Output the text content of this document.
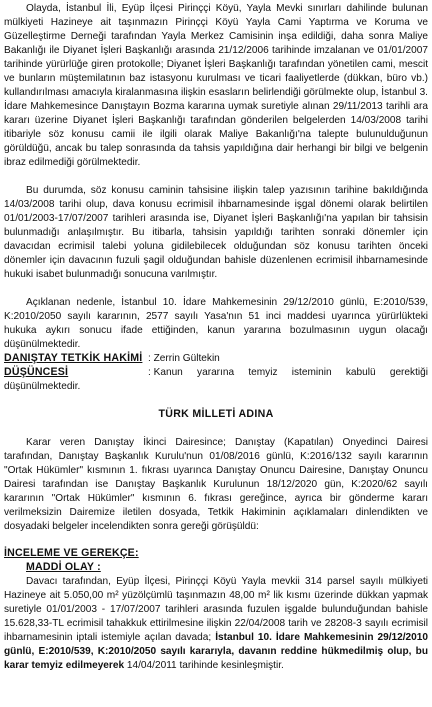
Olayda, İstanbul İli, Eyüp İlçesi Pirinççi Köyü, Yayla Mevki sınırları dahilinde bulunan mülkiyeti Hazineye ait taşınmazın Pirinççi Köyü Yayla Cami Yaptırma ve Koruma ve Güzelleştirme Derneği tarafından Yayla Merkez Camisinin inşa edildiği, daha sonra Maliye Bakanlığı ile Diyanet İşleri Başkanlığı arasında 21/12/2006 tarihinde imzalanan ve 01/01/2007 tarihinde yürürlüğe giren protokolle; Diyanet İşleri Başkanlığı tarafından yönetilen cami, mescit ve bunların müştemilatının baz istasyonu kurulması ve ticari faaliyetlerde (dükkan, büro vb.) kullandırılması amacıyla kiralanmasına ilişkin esasların belirlendiği görülmekte olup, İstanbul 3. İdare Mahkemesince Danıştayın Bozma kararına uymak suretiyle alınan 29/11/2013 tarihli ara kararı üzerine Diyanet İşleri Başkanlığı tarafından gönderilen belgelerden 14/03/2008 tarihi itibariyle söz konusu camii ile ilgili olarak Maliye Bakanlığı'na talepte bulunulduğunun görüldüğü, ancak bu talep sonrasında da tahsis yapıldığına dair herhangi bir bilgi ve belgenin ibraz edilmediği görülmektedir.

Bu durumda, söz konusu caminin tahsisine ilişkin talep yazısının tarihine bakıldığında 14/03/2008 tarihi olup, dava konusu ecrimisil ihbarnamesinde işgal dönemi olarak belirtilen 01/01/2003-17/07/2007 tarihleri arasında ise, Diyanet İşleri Başkanlığı'na yapılan bir tahsisin bulunmadığı anlaşılmıştır. Bu itibarla, tahsisin yapıldığı tarihten sonraki dönemler için davacıdan ecrimisil talebi yoluna gidilebilecek olduğundan söz konusu tarihten önceki dönemler için davacının fuzuli şagil olduğundan bahisle düzenlenen ecrimisil ihbarnamesinde hukuki isabet bulunmadığı sonucuna varılmıştır.

Açıklanan nedenle, İstanbul 10. İdare Mahkemesinin 29/12/2010 günlü, E:2010/539, K:2010/2050 sayılı kararının, 2577 sayılı Yasa'nın 51 inci maddesi uyarınca yürürlükteki hukuka aykırı sonucu ifade ettiğinden, kanun yararına bozulmasının uygun olacağı düşünülmektedir.

DANIŞTAY TETKİK HAKİMİ : Zerrin Gültekin
DÜŞÜNCESİ	: Kanun yararına temyiz isteminin kabulü gerektiği
düşünülmektedir.
TÜRK MİLLETİ ADINA

Karar veren Danıştay İkinci Dairesince; Danıştay (Kapatılan) Onyedinci Dairesi tarafından, Danıştay Başkanlık Kurulu'nun 01/08/2016 günlü, K:2016/132 sayılı kararının "Ortak Hükümler" kısmının 1. fıkrası uyarınca Danıştay Onuncu Dairesine, Danıştay Onuncu Dairesi tarafından ise Danıştay Başkanlık Kurulunun 18/12/2020 gün, K:2020/62 sayılı kararının "Ortak Hükümler" kısmının 6. fıkrası gereğince, ayrıca bir gönderme kararı verilmeksizin Dairemize iletilen dosyada, Tetkik Hakiminin açıklamaları dinlendikten ve dosyadaki belgeler incelendikten sonra gereği görüşüldü:

İNCELEME VE GEREKÇE:
MADDİ OLAY :

Davacı tarafından, Eyüp İlçesi, Pirinççi Köyü Yayla mevkii 314 parsel sayılı mülkiyeti Hazineye ait 5.050,00 m² yüzölçümlü taşınmazın 48,00 m² lik kısmı üzerinde dükkan yapmak suretiyle 01/01/2003 - 17/07/2007 tarihleri arasında fuzulen işgalde bulunduğundan bahisle 15.628,33-TL ecrimisil tahakkuk ettirilmesine ilişkin 22/04/2008 tarih ve 28208-3 sayılı ecrimisil ihbarnamesinin iptali istemiyle açılan davada; İstanbul 10. İdare Mahkemesinin 29/12/2010 günlü, E:2010/539, K:2010/2050 sayılı kararıyla, davanın reddine hükmedilmiş olup, bu karar temyiz edilmeyerek 14/04/2011 tarihinde kesinleşmiştir.
